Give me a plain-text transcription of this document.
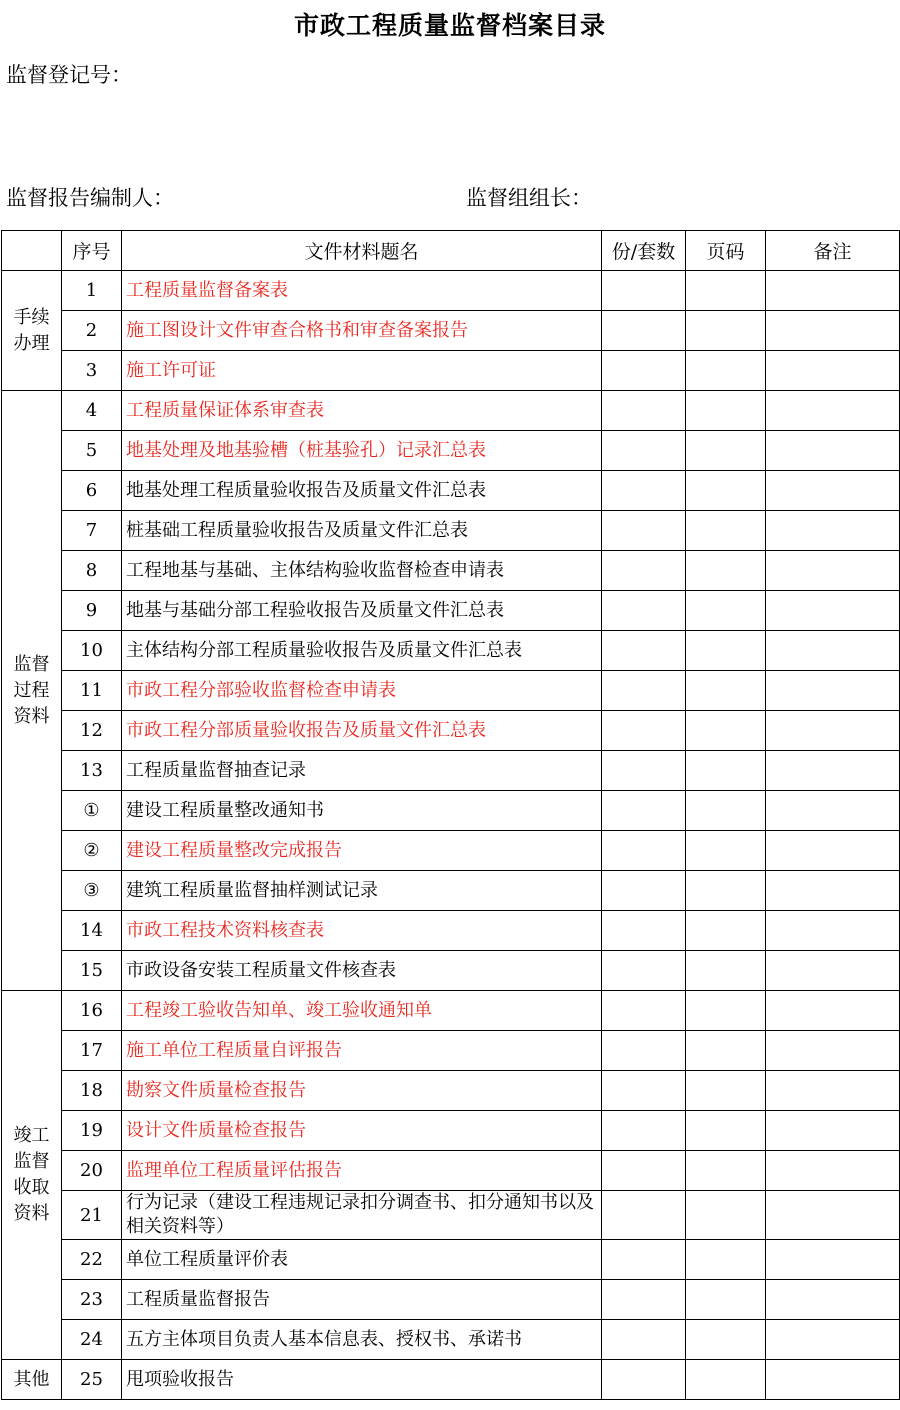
市政工程质量监督档案目录
监督登记号：
监督报告编制人：	监督组组长：
	序号	文件材料题名	份/套数	页码	备注
手续办理	1	工程质量监督备案表			
	2	施工图设计文件审查合格书和审查备案报告			
	3	施工许可证			
监督过程资料	4	工程质量保证体系审查表			
	5	地基处理及地基验槽（桩基验孔）记录汇总表			
	6	地基处理工程质量验收报告及质量文件汇总表			
	7	桩基础工程质量验收报告及质量文件汇总表			
	8	工程地基与基础、主体结构验收监督检查申请表			
	9	地基与基础分部工程验收报告及质量文件汇总表			
	10	主体结构分部工程质量验收报告及质量文件汇总表			
	11	市政工程分部验收监督检查申请表			
	12	市政工程分部质量验收报告及质量文件汇总表			
	13	工程质量监督抽查记录			
	①	建设工程质量整改通知书			
	②	建设工程质量整改完成报告			
	③	建筑工程质量监督抽样测试记录			
	14	市政工程技术资料核查表			
	15	市政设备安装工程质量文件核查表			
竣工监督收取资料	16	工程竣工验收告知单、竣工验收通知单			
	17	施工单位工程质量自评报告			
	18	勘察文件质量检查报告			
	19	设计文件质量检查报告			
	20	监理单位工程质量评估报告			
	21	行为记录（建设工程违规记录扣分调查书、扣分通知书以及相关资料等）			
	22	单位工程质量评价表			
	23	工程质量监督报告			
	24	五方主体项目负责人基本信息表、授权书、承诺书			
其他	25	甩项验收报告			
